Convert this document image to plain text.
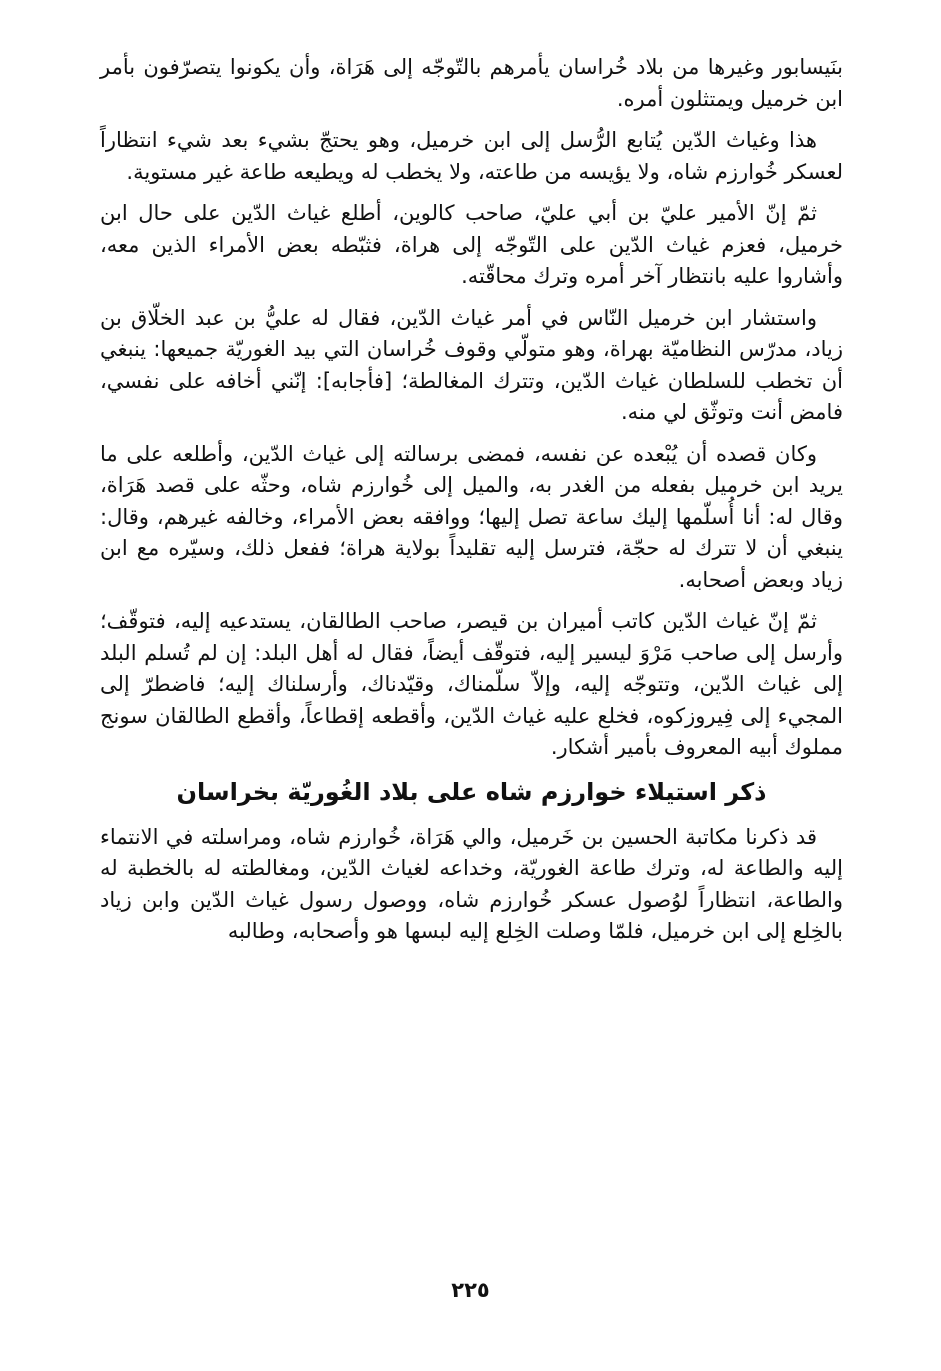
بنَيسابور وغيرها من بلاد خُراسان يأمرهم بالتّوجّه إلى هَرَاة، وأن يكونوا يتصرّفون بأمر ابن خرميل ويمتثلون أمره.

هذا وغياث الدّين يُتابع الرُّسل إلى ابن خرميل، وهو يحتجّ بشيء بعد شيء انتظاراً لعسكر خُوارزم شاه، ولا يؤيسه من طاعته، ولا يخطب له ويطيعه طاعة غير مستوية.

ثمّ إنّ الأمير عليّ بن أبي عليّ، صاحب كالوين، أطلع غياث الدّين على حال ابن خرميل، فعزم غياث الدّين على التّوجّه إلى هراة، فثبّطه بعض الأمراء الذين معه، وأشاروا عليه بانتظار آخر أمره وترك محاقّته.

واستشار ابن خرميل النّاس في أمر غياث الدّين، فقال له عليُّ بن عبد الخلّاق بن زياد، مدرّس النظاميّة بهراة، وهو متولّي وقوف خُراسان التي بيد الغوريّة جميعها: ينبغي أن تخطب للسلطان غياث الدّين، وتترك المغالطة؛ [فأجابه]: إنّني أخافه على نفسي، فامض أنت وتوثّق لي منه.

وكان قصده أن يُبْعده عن نفسه، فمضى برسالته إلى غياث الدّين، وأطلعه على ما يريد ابن خرميل بفعله من الغدر به، والميل إلى خُوارزم شاه، وحثّه على قصد هَرَاة، وقال له: أنا أُسلّمها إليك ساعة تصل إليها؛ ووافقه بعض الأمراء، وخالفه غيرهم، وقال: ينبغي أن لا تترك له حجّة، فترسل إليه تقليداً بولاية هراة؛ ففعل ذلك، وسيّره مع ابن زياد وبعض أصحابه.

ثمّ إنّ غياث الدّين كاتب أميران بن قيصر، صاحب الطالقان، يستدعيه إليه، فتوقّف؛ وأرسل إلى صاحب مَرْوَ ليسير إليه، فتوقّف أيضاً، فقال له أهل البلد: إن لم تُسلم البلد إلى غياث الدّين، وتتوجّه إليه، وإلاّ سلّمناك، وقيّدناك، وأرسلناك إليه؛ فاضطرّ إلى المجيء إلى فِيروزكوه، فخلع عليه غياث الدّين، وأقطعه إقطاعاً، وأقطع الطالقان سونج مملوك أبيه المعروف بأمير أشكار.

ذكر استيلاء خوارزم شاه على بلاد الغُوريّة بخراسان

قد ذكرنا مكاتبة الحسين بن خَرميل، والي هَرَاة، خُوارزم شاه، ومراسلته في الانتماء إليه والطاعة له، وترك طاعة الغوريّة، وخداعه لغياث الدّين، ومغالطته له بالخطبة له والطاعة، انتظاراً لوُصول عسكر خُوارزم شاه، ووصول رسول غياث الدّين وابن زياد بالخِلع إلى ابن خرميل، فلمّا وصلت الخِلع إليه لبسها هو وأصحابه، وطالبه

٢٢٥
